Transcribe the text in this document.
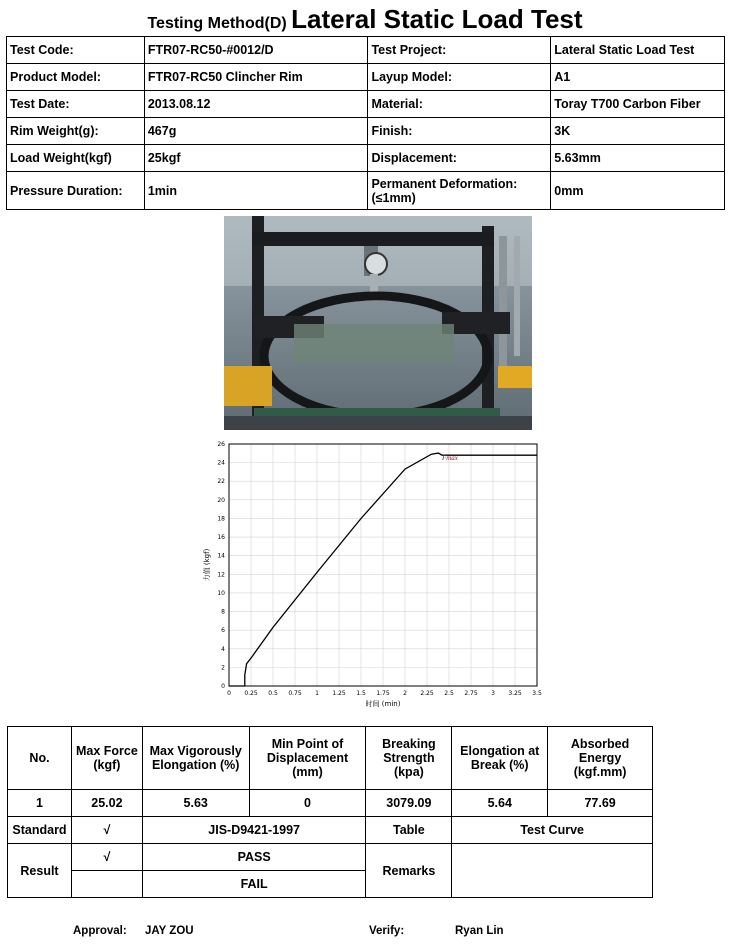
Testing Method(D) Lateral Static Load Test
Test Code:	FTR07-RC50-#0012/D	Test Project:	Lateral Static Load Test
Product Model:	FTR07-RC50 Clincher Rim	Layup Model:	A1
Test Date:	2013.08.12	Material:	Toray T700 Carbon Fiber
Rim Weight(g):	467g	Finish:	3K
Load Weight(kgf)	25kgf	Displacement:	5.63mm
Pressure Duration:	1min	Permanent Deformation:
(≤1mm)	0mm
0 0.25 0.5 0.75 1 1.25 1.5 1.75 2 2.25 2.5 2.75 3 3.25 3.5
0
2
4
6
8
10
12
14
16
18
20
22
24
26
Fmax
时间 (min)
力值 (kgf)
No.	Max Force (kgf)	Max Vigorously Elongation (%)	Min Point of Displacement (mm)	Breaking Strength (kpa)	Elongation at Break (%)	Absorbed Energy (kgf.mm)
1	25.02	5.63	0	3079.09	5.64	77.69
Standard	√	JIS-D9421-1997		Table	Test Curve	
Result	√	PASS		Remarks		
		FAIL				
Approval: JAY ZOU	Verify:	Ryan Lin
